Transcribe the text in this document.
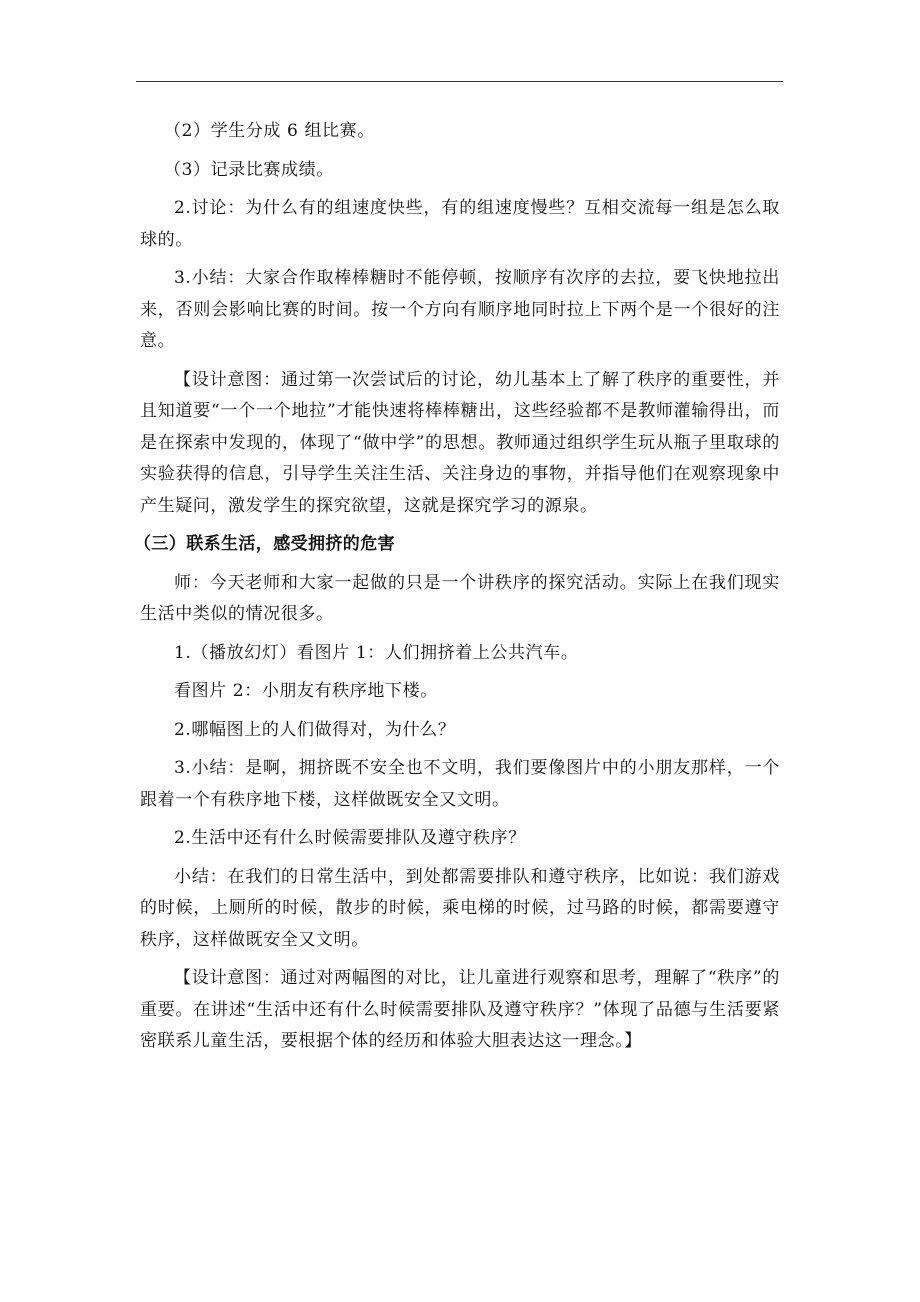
（2）学生分成 6 组比赛。

（3）记录比赛成绩。

2.讨论：为什么有的组速度快些，有的组速度慢些？互相交流每一组是怎么取球的。

3.小结：大家合作取棒棒糖时不能停顿，按顺序有次序的去拉，要飞快地拉出来，否则会影响比赛的时间。按一个方向有顺序地同时拉上下两个是一个很好的注意。

【设计意图：通过第一次尝试后的讨论，幼儿基本上了解了秩序的重要性，并且知道要“一个一个地拉”才能快速将棒棒糖出，这些经验都不是教师灌输得出，而是在探索中发现的，体现了“做中学”的思想。教师通过组织学生玩从瓶子里取球的实验获得的信息，引导学生关注生活、关注身边的事物，并指导他们在观察现象中产生疑问，激发学生的探究欲望，这就是探究学习的源泉。

（三）联系生活，感受拥挤的危害

师：今天老师和大家一起做的只是一个讲秩序的探究活动。实际上在我们现实生活中类似的情况很多。

1.（播放幻灯）看图片 1：人们拥挤着上公共汽车。

看图片 2：小朋友有秩序地下楼。

2.哪幅图上的人们做得对，为什么？

3.小结：是啊，拥挤既不安全也不文明，我们要像图片中的小朋友那样，一个跟着一个有秩序地下楼，这样做既安全又文明。

2.生活中还有什么时候需要排队及遵守秩序？

小结：在我们的日常生活中，到处都需要排队和遵守秩序，比如说：我们游戏的时候，上厕所的时候，散步的时候，乘电梯的时候，过马路的时候，都需要遵守秩序，这样做既安全又文明。

【设计意图：通过对两幅图的对比，让儿童进行观察和思考，理解了“秩序”的重要。在讲述“生活中还有什么时候需要排队及遵守秩序？”体现了品德与生活要紧密联系儿童生活，要根据个体的经历和体验大胆表达这一理念。】
